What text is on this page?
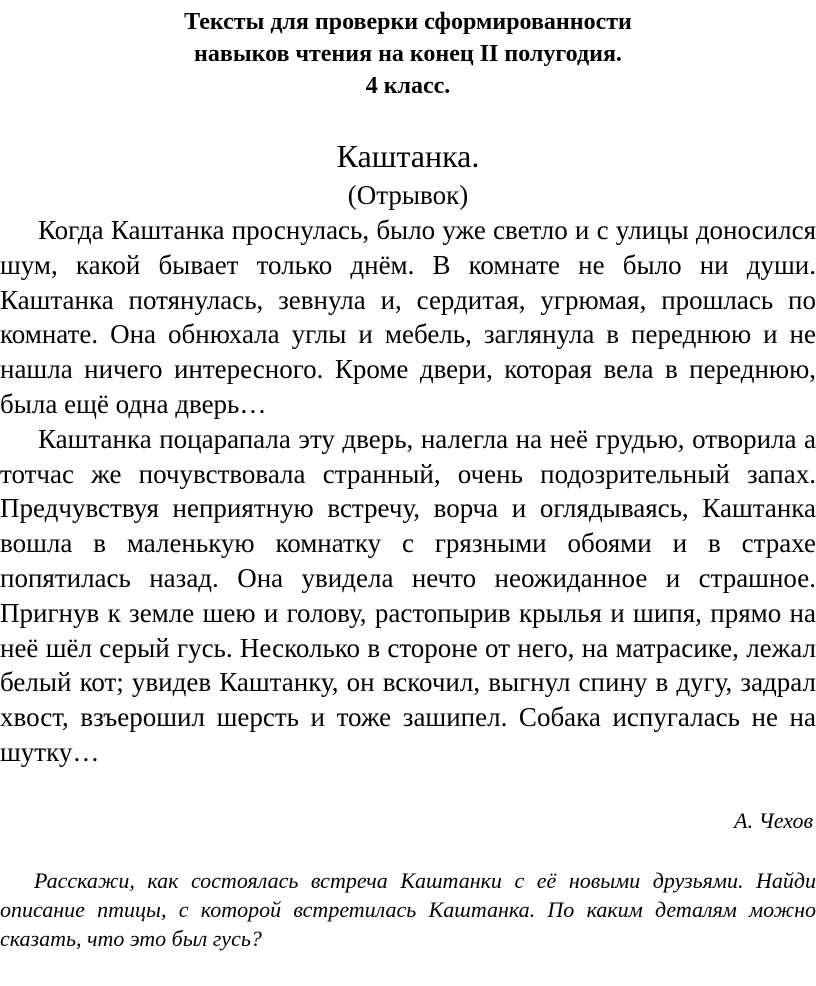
Тексты для проверки сформированности
навыков чтения на конец II полугодия.
4 класс.
Каштанка.
(Отрывок)

Когда Каштанка проснулась, было уже светло и с улицы доносился шум, какой бывает только днём. В комнате не было ни души. Каштанка потянулась, зевнула и, сердитая, угрюмая, прошлась по комнате. Она обнюхала углы и мебель, заглянула в переднюю и не нашла ничего интересного. Кроме двери, которая вела в переднюю, была ещё одна дверь…

Каштанка поцарапала эту дверь, налегла на неё грудью, отворила а тотчас же почувствовала странный, очень подозрительный запах. Предчувствуя неприятную встречу, ворча и оглядываясь, Каштанка вошла в маленькую комнатку с грязными обоями и в страхе попятилась назад. Она увидела нечто неожиданное и страшное. Пригнув к земле шею и голову, растопырив крылья и шипя, прямо на неё шёл серый гусь. Несколько в стороне от него, на матрасике, лежал белый кот; увидев Каштанку, он вскочил, выгнул спину в дугу, задрал хвост, взъерошил шерсть и тоже зашипел. Собака испугалась не на шутку…

А. Чехов

Расскажи, как состоялась встреча Каштанки с её новыми друзьями. Найди описание птицы, с которой встретилась Каштанка. По каким деталям можно сказать, что это был гусь?
